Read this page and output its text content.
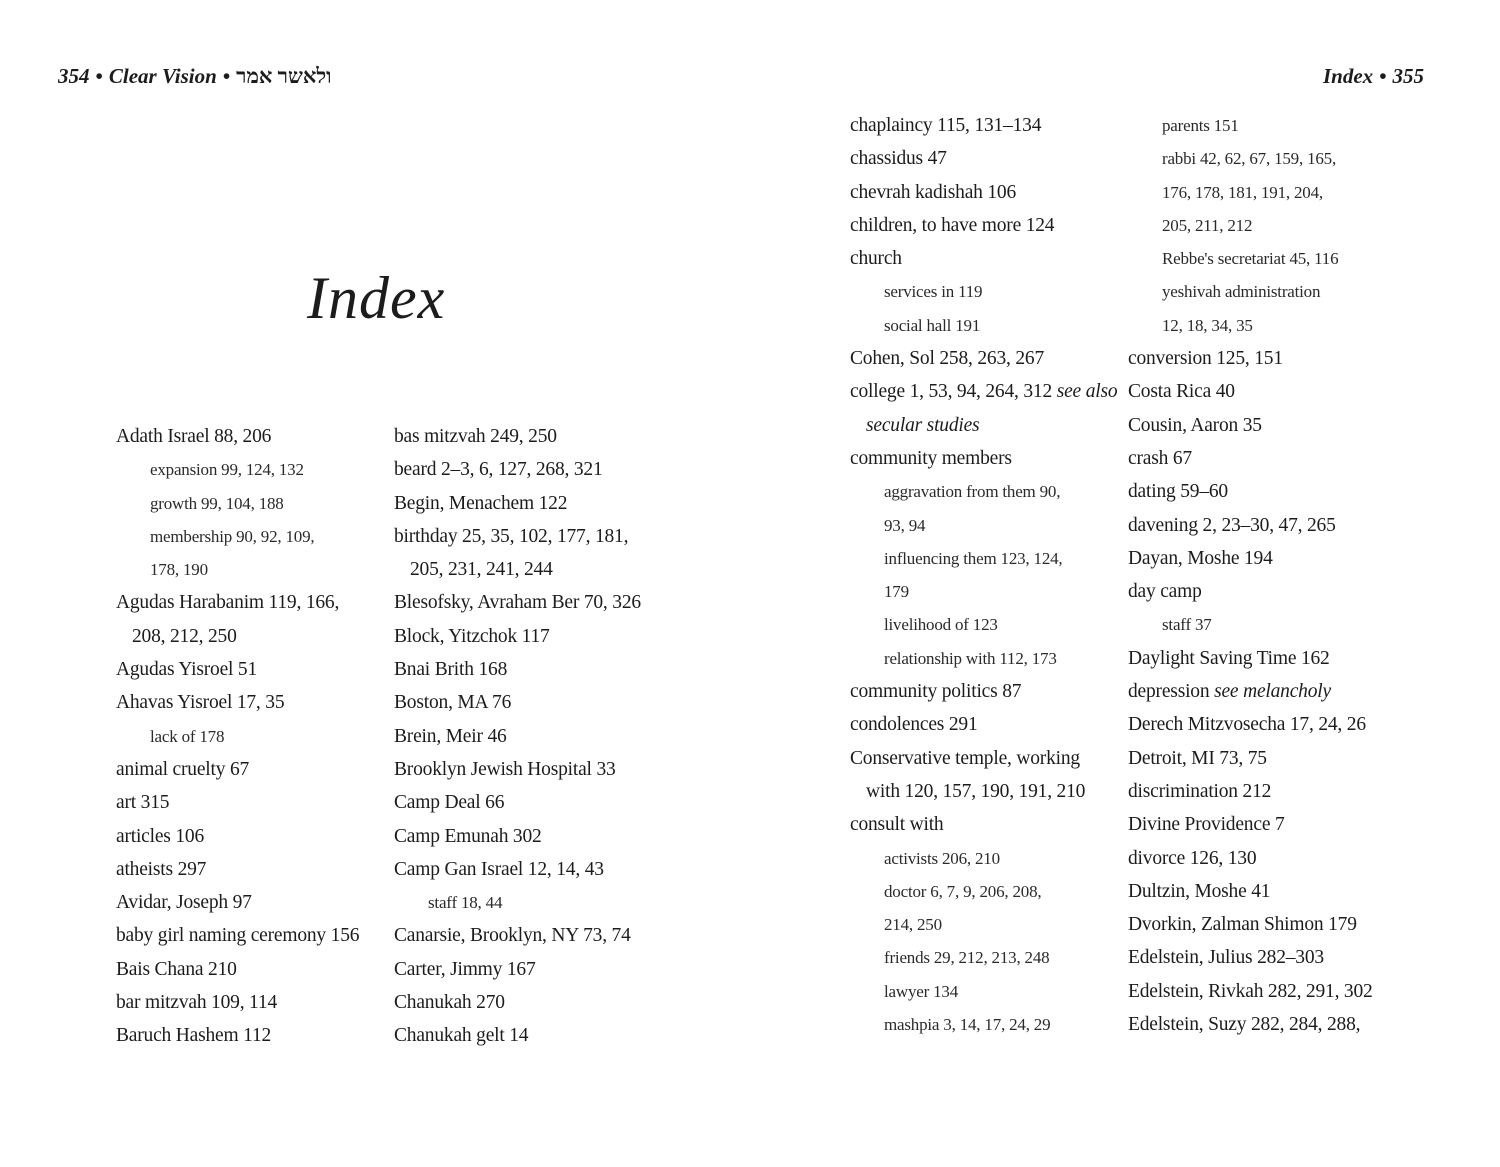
354 • Clear Vision • ולאשר אמר	Index • 355
Index
Adath Israel 88, 206
expansion 99, 124, 132
growth 99, 104, 188
membership 90, 92, 109,
178, 190
Agudas Harabanim 119, 166,
208, 212, 250
Agudas Yisroel 51
Ahavas Yisroel 17, 35
lack of 178
animal cruelty 67
art 315
articles 106
atheists 297
Avidar, Joseph 97
baby girl naming ceremony 156
Bais Chana 210
bar mitzvah 109, 114
Baruch Hashem 112
bas mitzvah 249, 250
beard 2–3, 6, 127, 268, 321
Begin, Menachem 122
birthday 25, 35, 102, 177, 181,
205, 231, 241, 244
Blesofsky, Avraham Ber 70, 326
Block, Yitzchok 117
Bnai Brith 168
Boston, MA 76
Brein, Meir 46
Brooklyn Jewish Hospital 33
Camp Deal 66
Camp Emunah 302
Camp Gan Israel 12, 14, 43
staff 18, 44
Canarsie, Brooklyn, NY 73, 74
Carter, Jimmy 167
Chanukah 270
Chanukah gelt 14
chaplaincy 115, 131–134
chassidus 47
chevrah kadishah 106
children, to have more 124
church
services in 119
social hall 191
Cohen, Sol 258, 263, 267
college 1, 53, 94, 264, 312 see also
secular studies
community members
aggravation from them 90,
93, 94
influencing them 123, 124,
179
livelihood of 123
relationship with 112, 173
community politics 87
condolences 291
Conservative temple, working
with 120, 157, 190, 191, 210
consult with
activists 206, 210
doctor 6, 7, 9, 206, 208,
214, 250
friends 29, 212, 213, 248
lawyer 134
mashpia 3, 14, 17, 24, 29
parents 151
rabbi 42, 62, 67, 159, 165,
176, 178, 181, 191, 204,
205, 211, 212
Rebbe's secretariat 45, 116
yeshivah administration
12, 18, 34, 35
conversion 125, 151
Costa Rica 40
Cousin, Aaron 35
crash 67
dating 59–60
davening 2, 23–30, 47, 265
Dayan, Moshe 194
day camp
staff 37
Daylight Saving Time 162
depression see melancholy
Derech Mitzvosecha 17, 24, 26
Detroit, MI 73, 75
discrimination 212
Divine Providence 7
divorce 126, 130
Dultzin, Moshe 41
Dvorkin, Zalman Shimon 179
Edelstein, Julius 282–303
Edelstein, Rivkah 282, 291, 302
Edelstein, Suzy 282, 284, 288,
